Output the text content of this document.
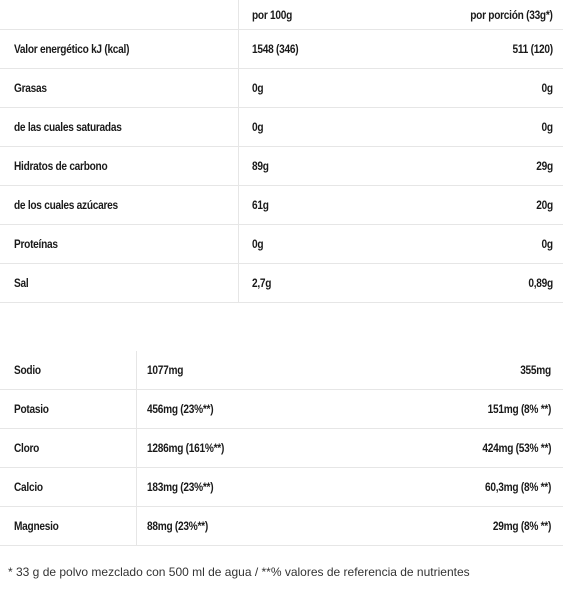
	por 100g	por porción (33g*)
Valor energético kJ (kcal)	1548 (346)	511 (120)
Grasas	0g	0g
de las cuales saturadas	0g	0g
Hidratos de carbono	89g	29g
de los cuales azúcares	61g	20g
Proteínas	0g	0g
Sal	2,7g	0,89g
Sodio	1077mg	355mg
Potasio	456mg (23%**)	151mg (8% **)
Cloro	1286mg (161%**)	424mg (53% **)
Calcio	183mg (23%**)	60,3mg (8% **)
Magnesio	88mg (23%**)	29mg (8% **)
* 33 g de polvo mezclado con 500 ml de agua / **% valores de referencia de nutrientes
